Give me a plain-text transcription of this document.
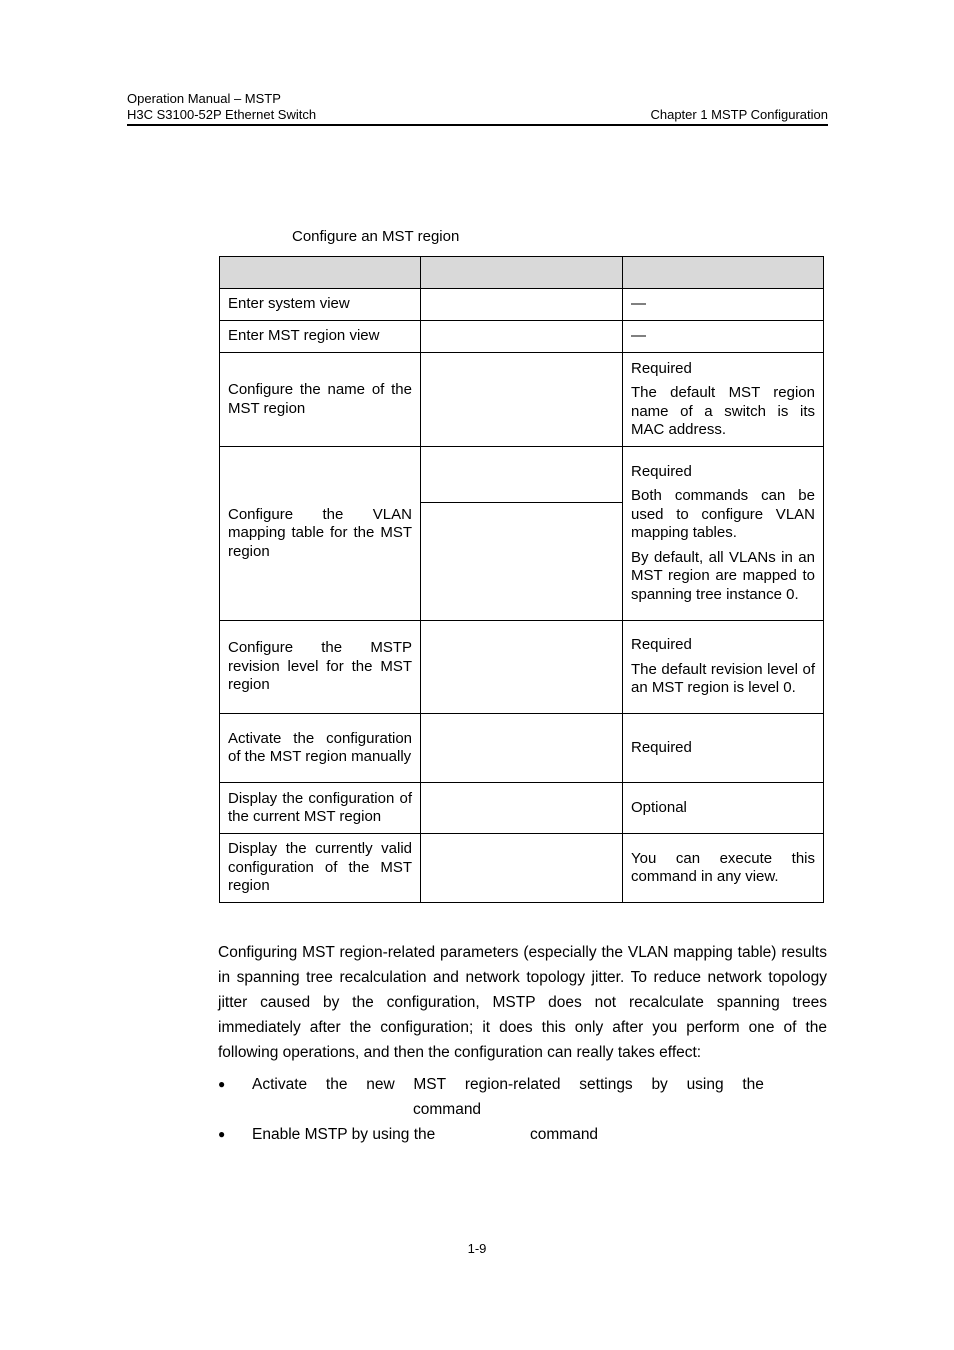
Operation Manual – MSTP
H3C S3100-52P Ethernet Switch	Chapter 1 MSTP Configuration
Configure an MST region

Enter system view		—
Enter MST region view		—
Configure the name of the MST region		Required

The default MST region name of a switch is its MAC address.

Configure the VLAN mapping table for the MST region		Required

Both commands can be used to configure VLAN mapping tables.

By default, all VLANs in an MST region are mapped to spanning tree instance 0.

Configure the MSTP revision level for the MST region		Required

The default revision level of an MST region is level 0.

Activate the configuration of the MST region manually		Required
Display the configuration of the current MST region		Optional
Display the currently valid configuration of the MST region		You can execute this command in any view.

Configuring MST region-related parameters (especially the VLAN mapping table) results in spanning tree recalculation and network topology jitter. To reduce network topology jitter caused by the configuration, MSTP does not recalculate spanning trees immediately after the configuration; it does this only after you perform one of the following operations, and then the configuration can really takes effect:

● Activate the new MST region-related settings by using the
command
● Enable MSTP by using the	command
1-9
